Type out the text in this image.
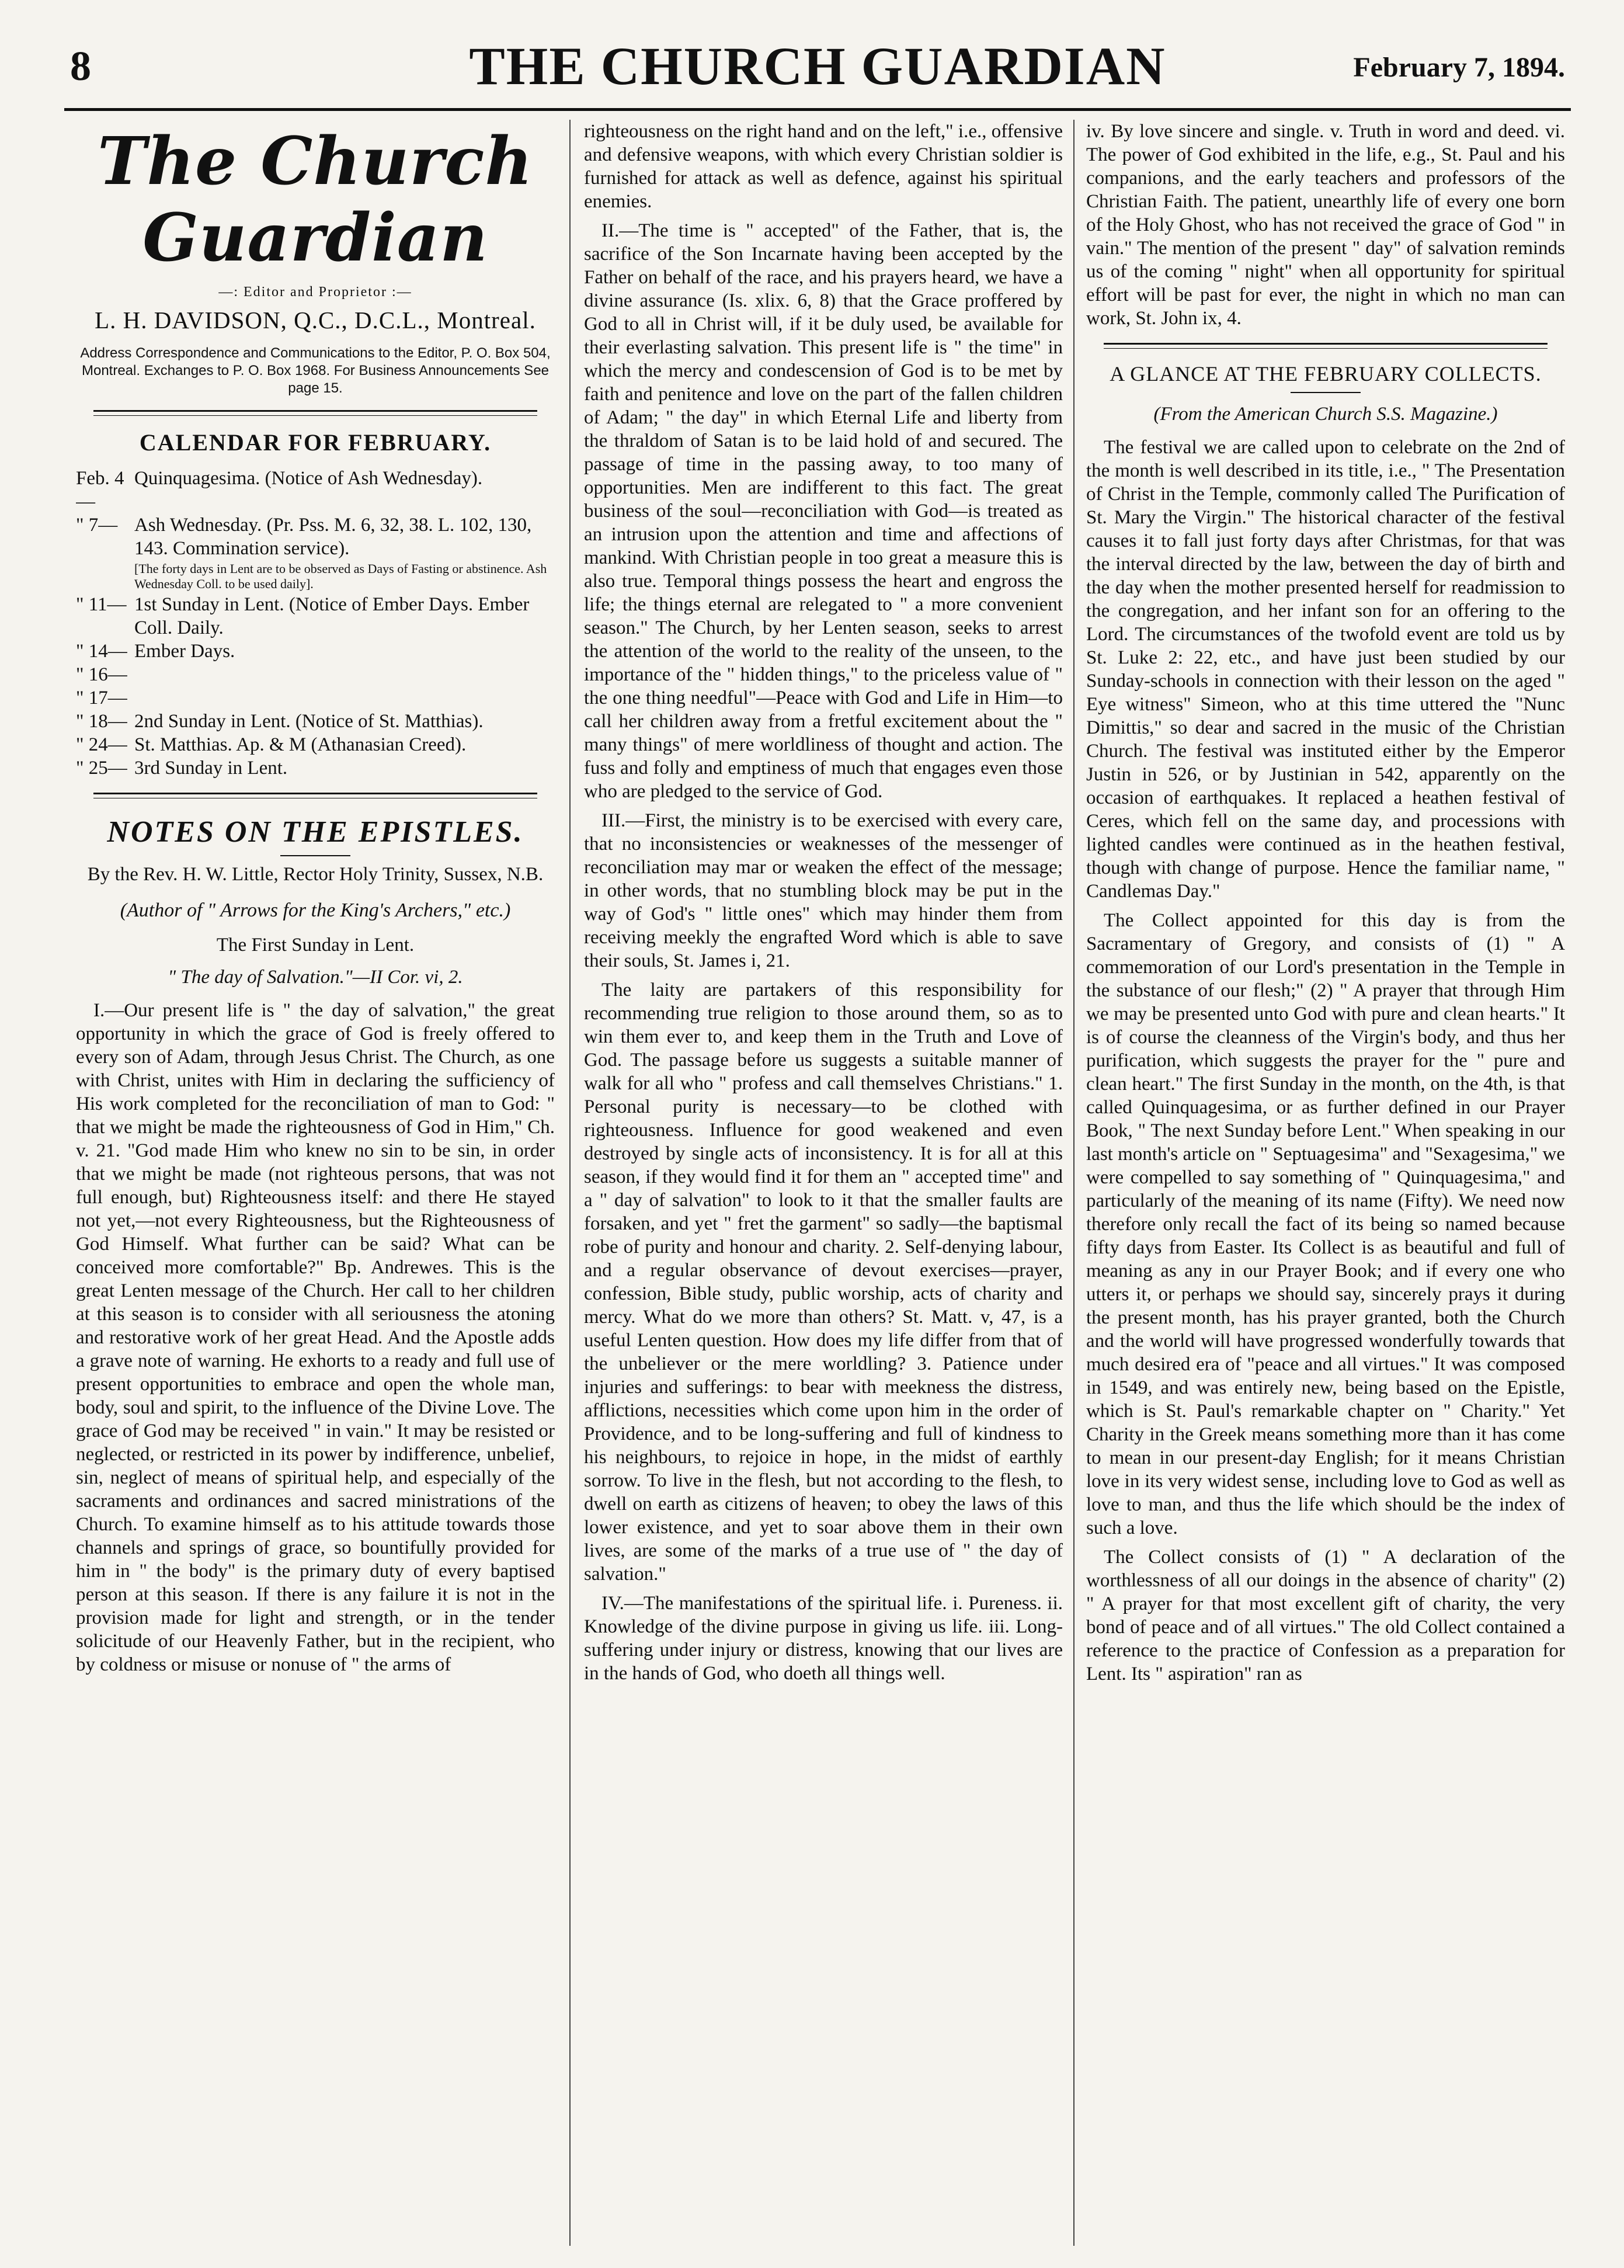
8	THE CHURCH GUARDIAN	February 7, 1894.
The Church Guardian
—: Editor and Proprietor :—
L. H. DAVIDSON, Q.C., D.C.L., Montreal.
Address Correspondence and Communications to the Editor, P. O. Box 504, Montreal. Exchanges to P. O. Box 1968. For Business Announcements See page 15.
CALENDAR FOR FEBRUARY.
Feb. 4—
Quinquagesima. (Notice of Ash Wednesday).
" 7— Ash Wednesday. (Pr. Pss. M. 6, 32, 38. L. 102, 130, 143. Commination service).
[The forty days in Lent are to be observed as Days of Fasting or abstinence. Ash Wednesday Coll. to be used daily].
" 11— 1st Sunday in Lent. (Notice of Ember Days. Ember Coll. Daily.
" 14— " 16— " 17—
Ember Days.
" 18— 2nd Sunday in Lent. (Notice of St. Matthias).
" 24— St. Matthias. Ap. & M (Athanasian Creed).
" 25— 3rd Sunday in Lent.
NOTES ON THE EPISTLES.
By the Rev. H. W. Little, Rector Holy Trinity, Sussex, N.B.
(Author of " Arrows for the King's Archers," etc.)
The First Sunday in Lent.
" The day of Salvation."—II Cor. vi, 2.

I.—Our present life is " the day of salvation," the great opportunity in which the grace of God is freely offered to every son of Adam, through Jesus Christ. The Church, as one with Christ, unites with Him in declaring the sufficiency of His work completed for the reconciliation of man to God: " that we might be made the righteousness of God in Him," Ch. v. 21. "God made Him who knew no sin to be sin, in order that we might be made (not righteous persons, that was not full enough, but) Righteousness itself: and there He stayed not yet,—not every Righteousness, but the Righteousness of God Himself. What further can be said? What can be conceived more comfortable?" Bp. Andrewes. This is the great Lenten message of the Church. Her call to her children at this season is to consider with all seriousness the atoning and restorative work of her great Head. And the Apostle adds a grave note of warning. He exhorts to a ready and full use of present opportunities to embrace and open the whole man, body, soul and spirit, to the influence of the Divine Love. The grace of God may be received " in vain." It may be resisted or neglected, or restricted in its power by indifference, unbelief, sin, neglect of means of spiritual help, and especially of the sacraments and ordinances and sacred ministrations of the Church. To examine himself as to his attitude towards those channels and springs of grace, so bountifully provided for him in " the body" is the primary duty of every baptised person at this season. If there is any failure it is not in the provision made for light and strength, or in the tender solicitude of our Heavenly Father, but in the recipient, who by coldness or misuse or nonuse of " the arms of

righteousness on the right hand and on the left," i.e., offensive and defensive weapons, with which every Christian soldier is furnished for attack as well as defence, against his spiritual enemies.

II.—The time is " accepted" of the Father, that is, the sacrifice of the Son Incarnate having been accepted by the Father on behalf of the race, and his prayers heard, we have a divine assurance (Is. xlix. 6, 8) that the Grace proffered by God to all in Christ will, if it be duly used, be available for their everlasting salvation. This present life is " the time" in which the mercy and condescension of God is to be met by faith and penitence and love on the part of the fallen children of Adam; " the day" in which Eternal Life and liberty from the thraldom of Satan is to be laid hold of and secured. The passage of time in the passing away, to too many of opportunities. Men are indifferent to this fact. The great business of the soul—reconciliation with God—is treated as an intrusion upon the attention and time and affections of mankind. With Christian people in too great a measure this is also true. Temporal things possess the heart and engross the life; the things eternal are relegated to " a more convenient season." The Church, by her Lenten season, seeks to arrest the attention of the world to the reality of the unseen, to the importance of the " hidden things," to the priceless value of " the one thing needful"—Peace with God and Life in Him—to call her children away from a fretful excitement about the " many things" of mere worldliness of thought and action. The fuss and folly and emptiness of much that engages even those who are pledged to the service of God.

III.—First, the ministry is to be exercised with every care, that no inconsistencies or weaknesses of the messenger of reconciliation may mar or weaken the effect of the message; in other words, that no stumbling block may be put in the way of God's " little ones" which may hinder them from receiving meekly the engrafted Word which is able to save their souls, St. James i, 21.

The laity are partakers of this responsibility for recommending true religion to those around them, so as to win them ever to, and keep them in the Truth and Love of God. The passage before us suggests a suitable manner of walk for all who " profess and call themselves Christians." 1. Personal purity is necessary—to be clothed with righteousness. Influence for good weakened and even destroyed by single acts of inconsistency. It is for all at this season, if they would find it for them an " accepted time" and a " day of salvation" to look to it that the smaller faults are forsaken, and yet " fret the garment" so sadly—the baptismal robe of purity and honour and charity. 2. Self-denying labour, and a regular observance of devout exercises—prayer, confession, Bible study, public worship, acts of charity and mercy. What do we more than others? St. Matt. v, 47, is a useful Lenten question. How does my life differ from that of the unbeliever or the mere worldling? 3. Patience under injuries and sufferings: to bear with meekness the distress, afflictions, necessities which come upon him in the order of Providence, and to be long-suffering and full of kindness to his neighbours, to rejoice in hope, in the midst of earthly sorrow. To live in the flesh, but not according to the flesh, to dwell on earth as citizens of heaven; to obey the laws of this lower existence, and yet to soar above them in their own lives, are some of the marks of a true use of " the day of salvation."

IV.—The manifestations of the spiritual life. i. Pureness. ii. Knowledge of the divine purpose in giving us life. iii. Long-suffering under injury or distress, knowing that our lives are in the hands of God, who doeth all things well.

iv. By love sincere and single. v. Truth in word and deed. vi. The power of God exhibited in the life, e.g., St. Paul and his companions, and the early teachers and professors of the Christian Faith. The patient, unearthly life of every one born of the Holy Ghost, who has not received the grace of God " in vain." The mention of the present " day" of salvation reminds us of the coming " night" when all opportunity for spiritual effort will be past for ever, the night in which no man can work, St. John ix, 4.

A GLANCE AT THE FEBRUARY COLLECTS.
(From the American Church S.S. Magazine.)

The festival we are called upon to celebrate on the 2nd of the month is well described in its title, i.e., " The Presentation of Christ in the Temple, commonly called The Purification of St. Mary the Virgin." The historical character of the festival causes it to fall just forty days after Christmas, for that was the interval directed by the law, between the day of birth and the day when the mother presented herself for readmission to the congregation, and her infant son for an offering to the Lord. The circumstances of the twofold event are told us by St. Luke 2: 22, etc., and have just been studied by our Sunday-schools in connection with their lesson on the aged " Eye witness" Simeon, who at this time uttered the "Nunc Dimittis," so dear and sacred in the music of the Christian Church. The festival was instituted either by the Emperor Justin in 526, or by Justinian in 542, apparently on the occasion of earthquakes. It replaced a heathen festival of Ceres, which fell on the same day, and processions with lighted candles were continued as in the heathen festival, though with change of purpose. Hence the familiar name, " Candlemas Day."

The Collect appointed for this day is from the Sacramentary of Gregory, and consists of (1) " A commemoration of our Lord's presentation in the Temple in the substance of our flesh;" (2) " A prayer that through Him we may be presented unto God with pure and clean hearts." It is of course the cleanness of the Virgin's body, and thus her purification, which suggests the prayer for the " pure and clean heart." The first Sunday in the month, on the 4th, is that called Quinquagesima, or as further defined in our Prayer Book, " The next Sunday before Lent." When speaking in our last month's article on " Septuagesima" and "Sexagesima," we were compelled to say something of " Quinquagesima," and particularly of the meaning of its name (Fifty). We need now therefore only recall the fact of its being so named because fifty days from Easter. Its Collect is as beautiful and full of meaning as any in our Prayer Book; and if every one who utters it, or perhaps we should say, sincerely prays it during the present month, has his prayer granted, both the Church and the world will have progressed wonderfully towards that much desired era of "peace and all virtues." It was composed in 1549, and was entirely new, being based on the Epistle, which is St. Paul's remarkable chapter on " Charity." Yet Charity in the Greek means something more than it has come to mean in our present-day English; for it means Christian love in its very widest sense, including love to God as well as love to man, and thus the life which should be the index of such a love.

The Collect consists of (1) " A declaration of the worthlessness of all our doings in the absence of charity" (2) " A prayer for that most excellent gift of charity, the very bond of peace and of all virtues." The old Collect contained a reference to the practice of Confession as a preparation for Lent. Its " aspiration" ran as
